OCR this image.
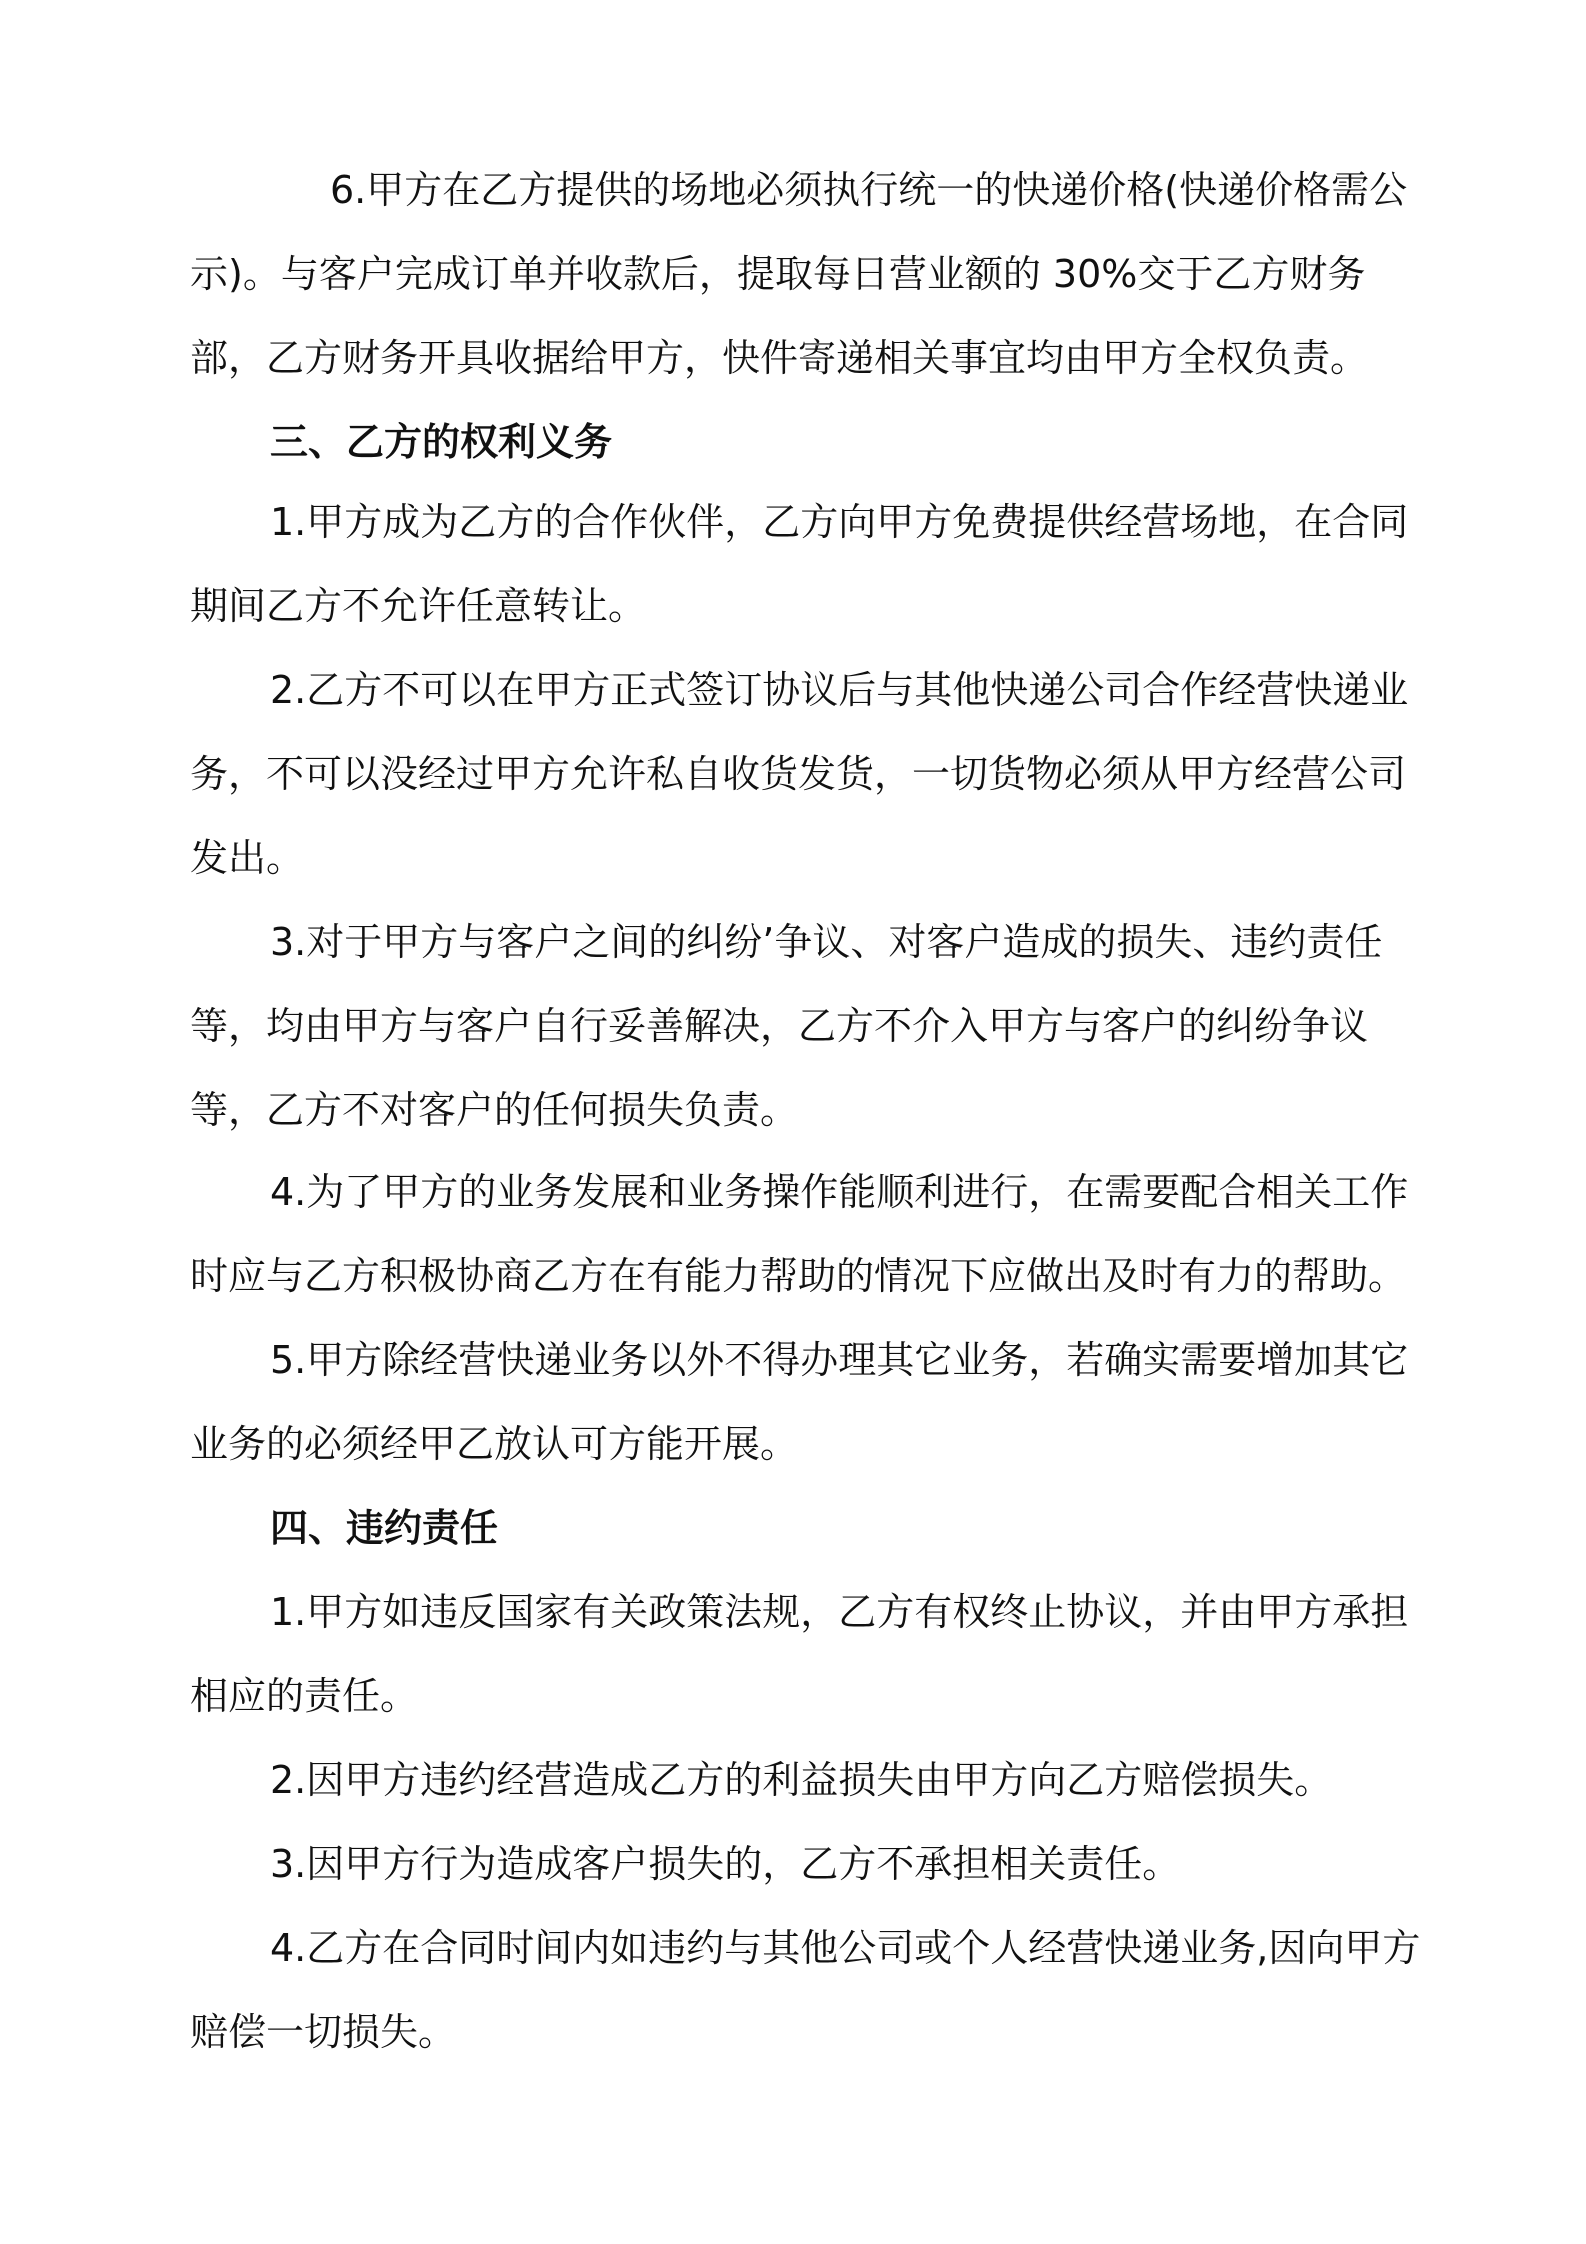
6.甲方在乙方提供的场地必须执行统一的快递价格(快递价格需公示)。与客户完成订单并收款后，提取每日营业额的 30%交于乙方财务部，乙方财务开具收据给甲方，快件寄递相关事宜均由甲方全权负责。

三、乙方的权利义务

1.甲方成为乙方的合作伙伴，乙方向甲方免费提供经营场地，在合同期间乙方不允许任意转让。

2.乙方不可以在甲方正式签订协议后与其他快递公司合作经营快递业务，不可以没经过甲方允许私自收货发货，一切货物必须从甲方经营公司发出。

3.对于甲方与客户之间的纠纷’争议、对客户造成的损失、违约责任等，均由甲方与客户自行妥善解决，乙方不介入甲方与客户的纠纷争议等，乙方不对客户的任何损失负责。

4.为了甲方的业务发展和业务操作能顺利进行，在需要配合相关工作时应与乙方积极协商乙方在有能力帮助的情况下应做出及时有力的帮助。

5.甲方除经营快递业务以外不得办理其它业务，若确实需要增加其它业务的必须经甲乙放认可方能开展。

四、违约责任

1.甲方如违反国家有关政策法规，乙方有权终止协议，并由甲方承担相应的责任。

2.因甲方违约经营造成乙方的利益损失由甲方向乙方赔偿损失。

3.因甲方行为造成客户损失的，乙方不承担相关责任。

4.乙方在合同时间内如违约与其他公司或个人经营快递业务,因向甲方赔偿一切损失。
